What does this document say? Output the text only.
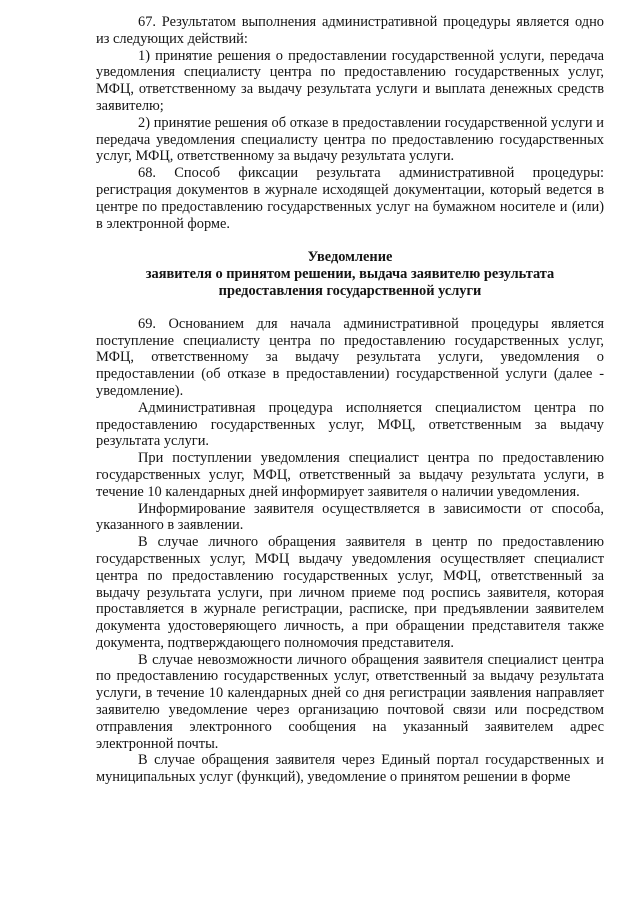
67. Результатом выполнения административной процедуры является одно из следующих действий:

1) принятие решения о предоставлении государственной услуги, передача уведомления специалисту центра по предоставлению государственных услуг, МФЦ, ответственному за выдачу результата услуги и выплата денежных средств заявителю;

2) принятие решения об отказе в предоставлении государственной услуги и передача уведомления специалисту центра по предоставлению государственных услуг, МФЦ, ответственному за выдачу результата услуги.

68. Способ фиксации результата административной процедуры: регистрация документов в журнале исходящей документации, который ведется в центре по предоставлению государственных услуг на бумажном носителе и (или) в электронной форме.

Уведомление
заявителя о принятом решении, выдача заявителю результата
предоставления государственной услуги

69. Основанием для начала административной процедуры является поступление специалисту центра по предоставлению государственных услуг, МФЦ, ответственному за выдачу результата услуги, уведомления о предоставлении (об отказе в предоставлении) государственной услуги (далее - уведомление).

Административная процедура исполняется специалистом центра по предоставлению государственных услуг, МФЦ, ответственным за выдачу результата услуги.

При поступлении уведомления специалист центра по предоставлению государственных услуг, МФЦ, ответственный за выдачу результата услуги, в течение 10 календарных дней информирует заявителя о наличии уведомления.

Информирование заявителя осуществляется в зависимости от способа, указанного в заявлении.

В случае личного обращения заявителя в центр по предоставлению государственных услуг, МФЦ выдачу уведомления осуществляет специалист центра по предоставлению государственных услуг, МФЦ, ответственный за выдачу результата услуги, при личном приеме под роспись заявителя, которая проставляется в журнале регистрации, расписке, при предъявлении заявителем документа удостоверяющего личность, а при обращении представителя также документа, подтверждающего полномочия представителя.

В случае невозможности личного обращения заявителя специалист центра по предоставлению государственных услуг, ответственный за выдачу результата услуги, в течение 10 календарных дней со дня регистрации заявления направляет заявителю уведомление через организацию почтовой связи или посредством отправления электронного сообщения на указанный заявителем адрес электронной почты.

В случае обращения заявителя через Единый портал государственных и муниципальных услуг (функций), уведомление о принятом решении в форме
